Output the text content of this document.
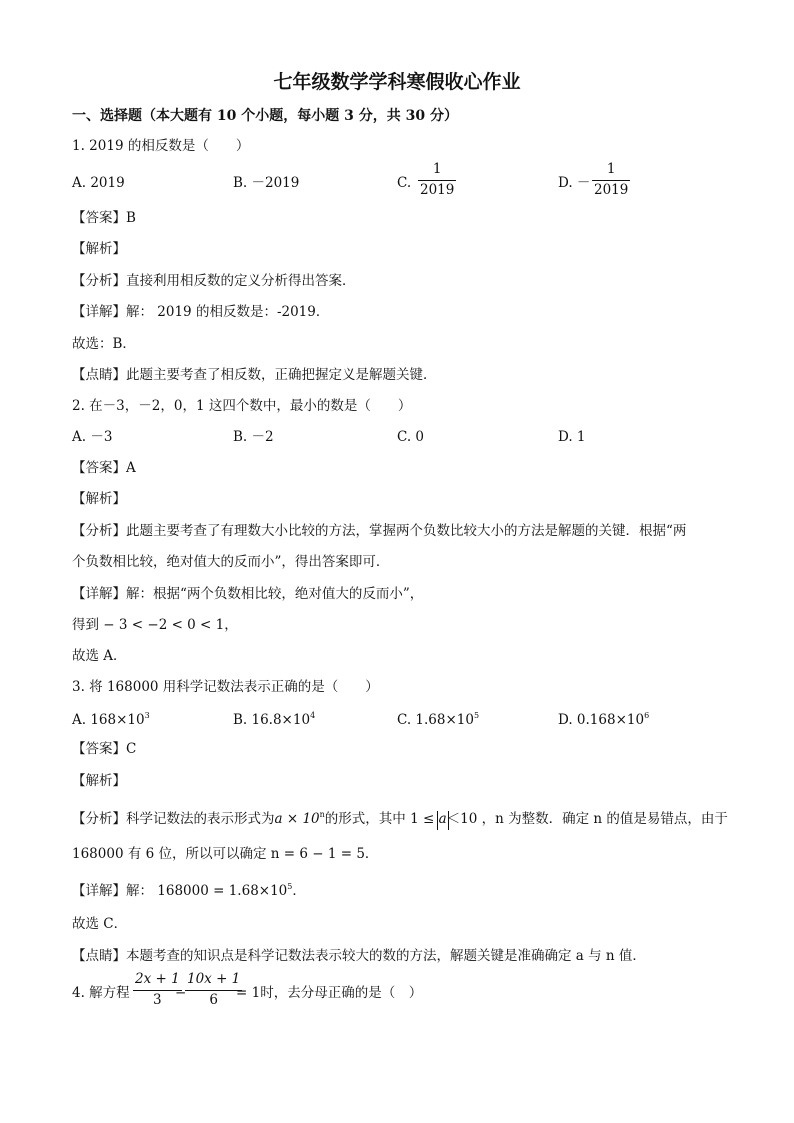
七年级数学学科寒假收心作业
一、选择题（本大题有 10 个小题，每小题 3 分，共 30 分）
1. 2019 的相反数是（　　）
A. 2019	B. －2019	C.
1
2019	D. －
1
2019
【答案】B
【解析】
【分析】直接利用相反数的定义分析得出答案．
【详解】解： 2019 的相反数是：-2019．
故选：B．
【点睛】此题主要考查了相反数，正确把握定义是解题关键．
2. 在－3，－2，0，1 这四个数中，最小的数是（　　）
A. －3	B. －2	C. 0	D. 1
【答案】A
【解析】
【分析】此题主要考查了有理数大小比较的方法，掌握两个负数比较大小的方法是解题的关键．根据“两
个负数相比较，绝对值大的反而小”，得出答案即可．
【详解】解：根据“两个负数相比较，绝对值大的反而小”，
得到 − 3 < −2 < 0 < 1，
故选 A．
3. 将 168000 用科学记数法表示正确的是（　　）
A. $168\times 10^3$	B. $16.8\times 10^4$	C. $1.68\times 10^5$	D. $0.168\times 10^6$
【答案】C
【解析】
【分析】科学记数法的表示形式为$a \times 10^n$的形式，其中 1 ≤ a＜10 ，n 为整数．确定 n 的值是易错点，由于
168000 有 6 位，所以可以确定 n = 6 − 1 = 5．
【详解】解： $168000 = 1.68\times 10^5$．
故选 C．
【点睛】本题考查的知识点是科学记数法表示较大的数的方法，解题关键是准确确定 a 与 n 值．
4. 解方程
2x + 1
3 −
10x + 1
6	= 1时，去分母正确的是（　）
